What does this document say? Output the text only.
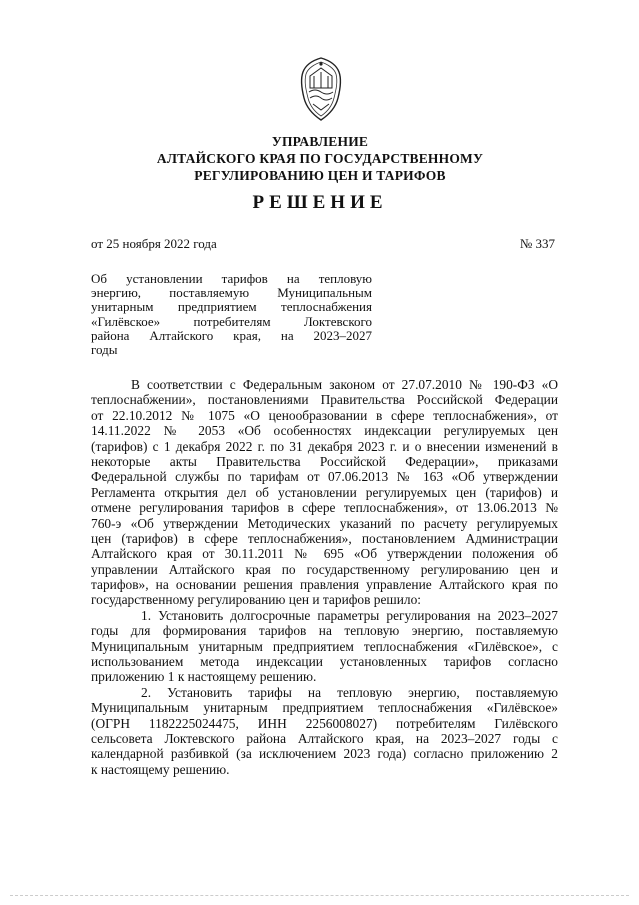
УПРАВЛЕНИЕ
АЛТАЙСКОГО КРАЯ ПО ГОСУДАРСТВЕННОМУ
РЕГУЛИРОВАНИЮ ЦЕН И ТАРИФОВ
РЕШЕНИЕ
от 25 ноября 2022 года	№ 337
Об установлении тарифов на тепловую
энергию, поставляемую Муниципальным
унитарным предприятием теплоснабжения
«Гилёвское» потребителям Локтевского
района Алтайского края, на 2023–2027
годы
В соответствии с Федеральным законом от 27.07.2010 № 190-ФЗ «О
теплоснабжении», постановлениями Правительства Российской Федерации
от 22.10.2012 № 1075 «О ценообразовании в сфере теплоснабжения», от
14.11.2022 № 2053 «Об особенностях индексации регулируемых цен
(тарифов) с 1 декабря 2022 г. по 31 декабря 2023 г. и о внесении изменений в
некоторые акты Правительства Российской Федерации», приказами
Федеральной службы по тарифам от 07.06.2013 № 163 «Об утверждении
Регламента открытия дел об установлении регулируемых цен (тарифов) и
отмене регулирования тарифов в сфере теплоснабжения», от 13.06.2013 №
760-э «Об утверждении Методических указаний по расчету регулируемых
цен (тарифов) в сфере теплоснабжения», постановлением Администрации
Алтайского края от 30.11.2011 № 695 «Об утверждении положения об
управлении Алтайского края по государственному регулированию цен и
тарифов», на основании решения правления управление Алтайского края по
государственному регулированию цен и тарифов решило:
1. Установить долгосрочные параметры регулирования на 2023–2027
годы для формирования тарифов на тепловую энергию, поставляемую
Муниципальным унитарным предприятием теплоснабжения «Гилёвское», с
использованием метода индексации установленных тарифов согласно
приложению 1 к настоящему решению.
2. Установить тарифы на тепловую энергию, поставляемую
Муниципальным унитарным предприятием теплоснабжения «Гилёвское»
(ОГРН 1182225024475, ИНН 2256008027) потребителям Гилёвского
сельсовета Локтевского района Алтайского края, на 2023–2027 годы с
календарной разбивкой (за исключением 2023 года) согласно приложению 2
к настоящему решению.
